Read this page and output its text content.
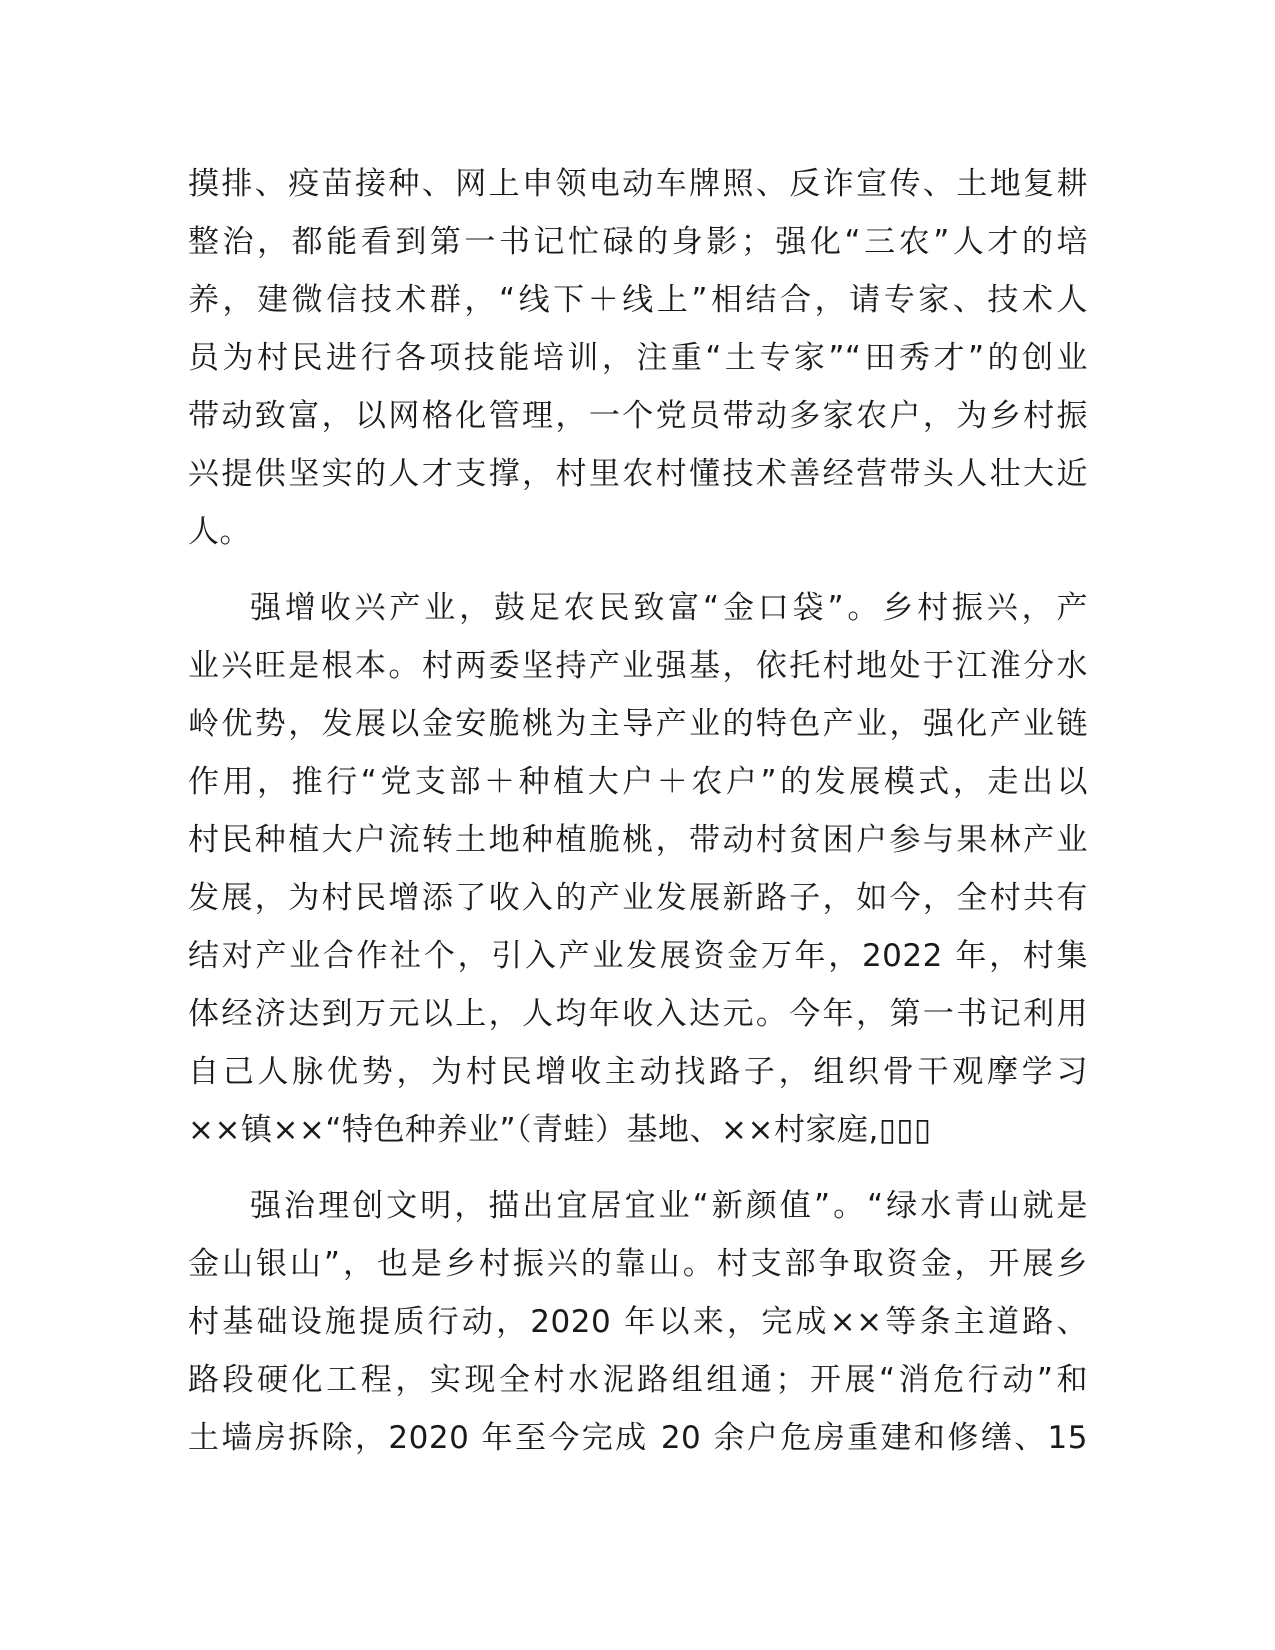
摸排、疫苗接种、网上申领电动车牌照、反诈宣传、土地复耕
整治，都能看到第一书记忙碌的身影；强化“三农”人才的培
养，建微信技术群，“线下＋线上”相结合，请专家、技术人
员为村民进行各项技能培训，注重“土专家”“田秀才”的创业
带动致富，以网格化管理，一个党员带动多家农户，为乡村振
兴提供坚实的人才支撑，村里农村懂技术善经营带头人壮大近
人。
强增收兴产业，鼓足农民致富“金口袋”。乡村振兴，产
业兴旺是根本。村两委坚持产业强基，依托村地处于江淮分水
岭优势，发展以金安脆桃为主导产业的特色产业，强化产业链
作用，推行“党支部＋种植大户＋农户”的发展模式，走出以
村民种植大户流转土地种植脆桃，带动村贫困户参与果林产业
发展，为村民增添了收入的产业发展新路子，如今，全村共有
结对产业合作社个，引入产业发展资金万年，2022 年，村集
体经济达到万元以上，人均年收入达元。今年，第一书记利用
自己人脉优势，为村民增收主动找路子，组织骨干观摩学习
××镇××“特色种养业”（青蛙）基地、××村家庭,▯▯▯
强治理创文明，描出宜居宜业“新颜值”。“绿水青山就是
金山银山”，也是乡村振兴的靠山。村支部争取资金，开展乡
村基础设施提质行动，2020 年以来，完成××等条主道路、
路段硬化工程，实现全村水泥路组组通；开展“消危行动”和
土墙房拆除，2020 年至今完成 20 余户危房重建和修缮、15
